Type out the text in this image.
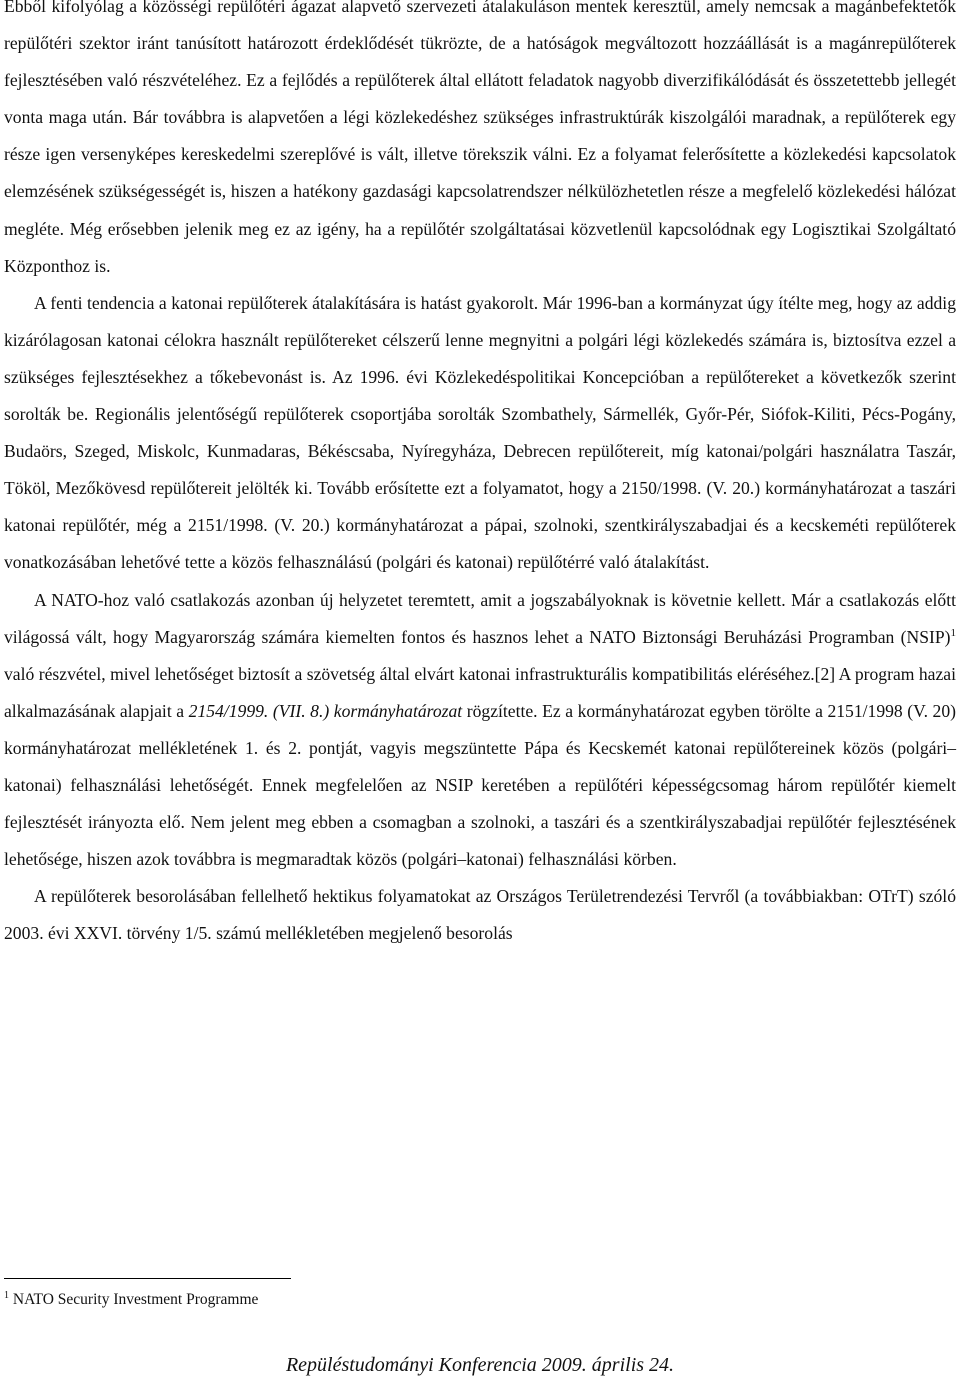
Ebből kifolyólag a közösségi repülőtéri ágazat alapvető szervezeti átalakuláson mentek keresztül, amely nemcsak a magánbefektetők repülőtéri szektor iránt tanúsított határozott érdeklődését tükrözte, de a hatóságok megváltozott hozzáállását is a magánrepülőterek fejlesztésében való részvételéhez. Ez a fejlődés a repülőterek által ellátott feladatok nagyobb diverzifikálódását és összetettebb jellegét vonta maga után. Bár továbbra is alapvetően a légi közlekedéshez szükséges infrastruktúrák kiszolgálói maradnak, a repülőterek egy része igen versenyképes kereskedelmi szereplővé is vált, illetve törekszik válni. Ez a folyamat felerősítette a közlekedési kapcsolatok elemzésének szükségességét is, hiszen a hatékony gazdasági kapcsolatrendszer nélkülözhetetlen része a megfelelő közlekedési hálózat megléte. Még erősebben jelenik meg ez az igény, ha a repülőtér szolgáltatásai közvetlenül kapcsolódnak egy Logisztikai Szolgáltató Központhoz is.

A fenti tendencia a katonai repülőterek átalakítására is hatást gyakorolt. Már 1996-ban a kormányzat úgy ítélte meg, hogy az addig kizárólagosan katonai célokra használt repülőtereket célszerű lenne megnyitni a polgári légi közlekedés számára is, biztosítva ezzel a szükséges fejlesztésekhez a tőkebevonást is. Az 1996. évi Közlekedéspolitikai Koncepcióban a repülőtereket a következők szerint sorolták be. Regionális jelentőségű repülőterek csoportjába sorolták Szombathely, Sármellék, Győr-Pér, Siófok-Kiliti, Pécs-Pogány, Budaörs, Szeged, Miskolc, Kunmadaras, Békéscsaba, Nyíregyháza, Debrecen repülőtereit, míg katonai/polgári használatra Taszár, Tököl, Mezőkövesd repülőtereit jelölték ki. Tovább erősítette ezt a folyamatot, hogy a 2150/1998. (V. 20.) kormányhatározat a taszári katonai repülőtér, még a 2151/1998. (V. 20.) kormányhatározat a pápai, szolnoki, szentkirályszabadjai és a kecskeméti repülőterek vonatkozásában lehetővé tette a közös felhasználású (polgári és katonai) repülőtérré való átalakítást.

A NATO-hoz való csatlakozás azonban új helyzetet teremtett, amit a jogszabályoknak is követnie kellett. Már a csatlakozás előtt világossá vált, hogy Magyarország számára kiemelten fontos és hasznos lehet a NATO Biztonsági Beruházási Programban (NSIP)$^1$ való részvétel, mivel lehetőséget biztosít a szövetség által elvárt katonai infrastrukturális kompatibilitás eléréséhez.[2] A program hazai alkalmazásának alapjait a 2154/1999. (VII. 8.) kormányhatározat rögzítette. Ez a kormányhatározat egyben törölte a 2151/1998 (V. 20) kormányhatározat mellékletének 1. és 2. pontját, vagyis megszüntette Pápa és Kecskemét katonai repülőtereinek közös (polgári–katonai) felhasználási lehetőségét. Ennek megfelelően az NSIP keretében a repülőtéri képességcsomag három repülőtér kiemelt fejlesztését irányozta elő. Nem jelent meg ebben a csomagban a szolnoki, a taszári és a szentkirályszabadjai repülőtér fejlesztésének lehetősége, hiszen azok továbbra is megmaradtak közös (polgári–katonai) felhasználási körben.

A repülőterek besorolásában fellelhető hektikus folyamatokat az Országos Területrendezési Tervről (a továbbiakban: OTrT) szóló 2003. évi XXVI. törvény 1/5. számú mellékletében megjelenő besorolás

$^1$ NATO Security Investment Programme
Repüléstudományi Konferencia 2009. április 24.
